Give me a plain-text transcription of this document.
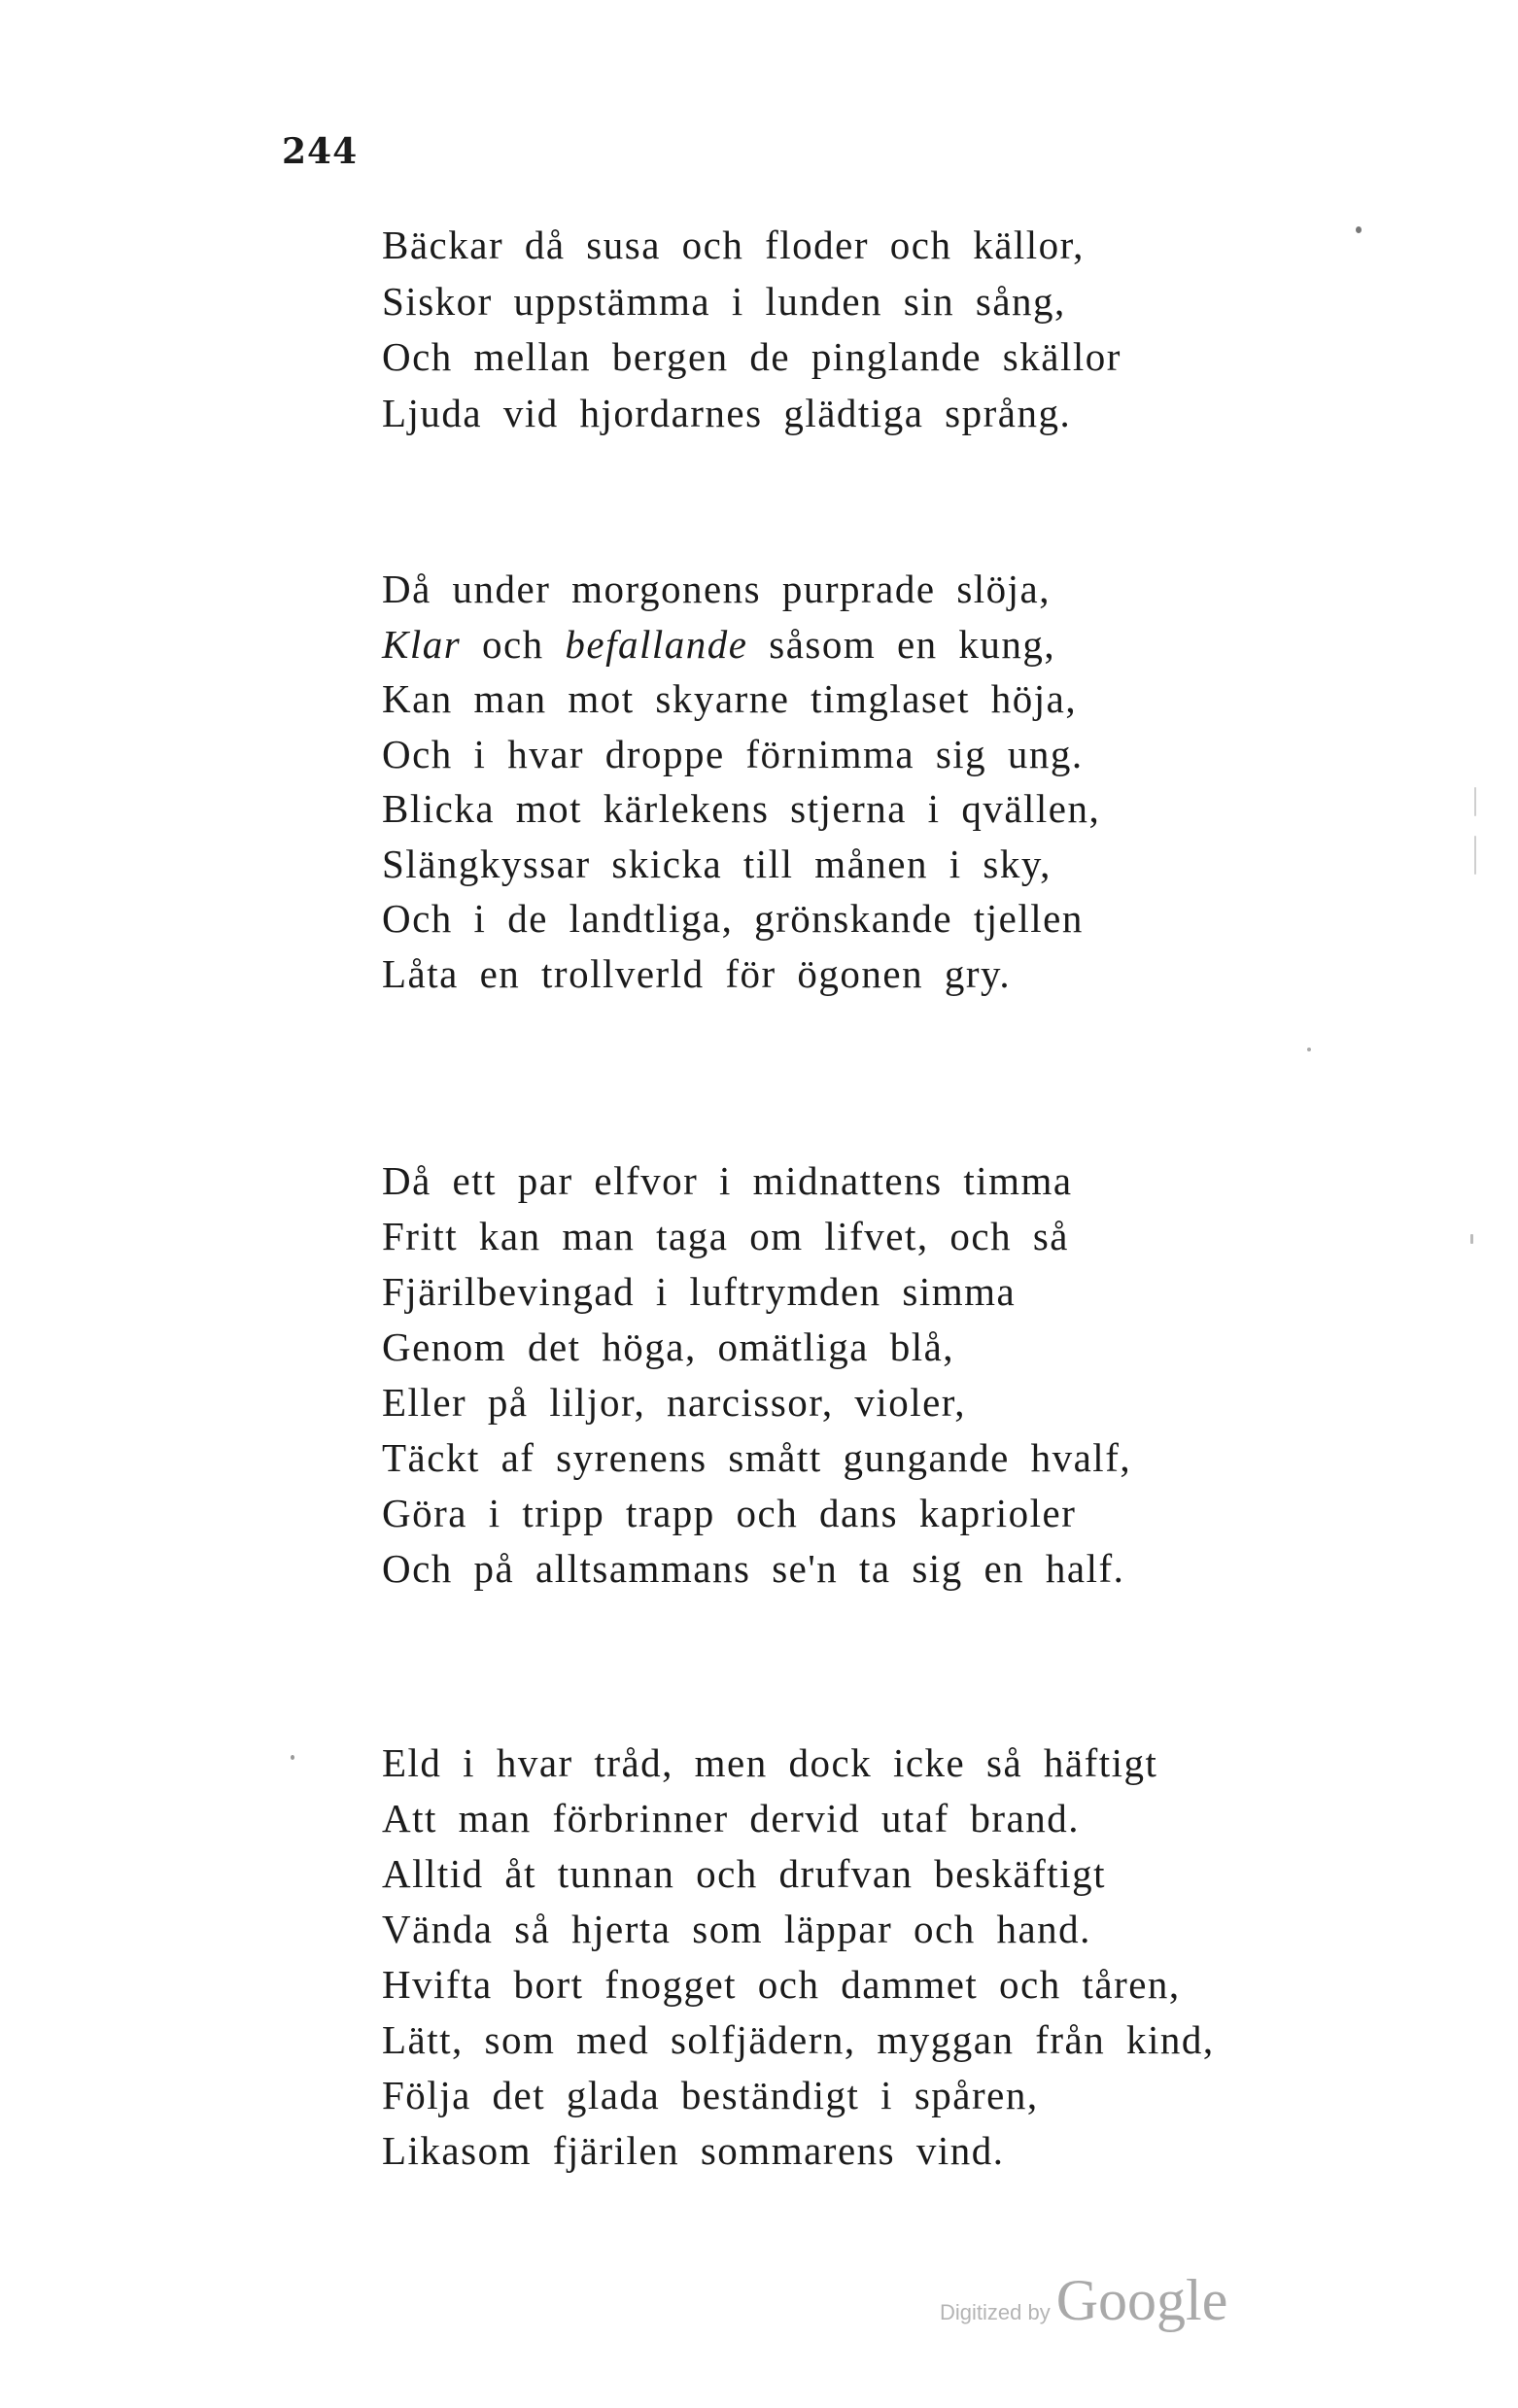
244
Bäckar då susa och floder och källor,
Siskor uppstämma i lunden sin sång,
Och mellan bergen de pinglande skällor
Ljuda vid hjordarnes glädtiga språng.
Då under morgonens purprade slöja,
Klar och befallande såsom en kung,
Kan man mot skyarne timglaset höja,
Och i hvar droppe förnimma sig ung.
Blicka mot kärlekens stjerna i qvällen,
Slängkyssar skicka till månen i sky,
Och i de landtliga, grönskande tjellen
Låta en trollverld för ögonen gry.
Då ett par elfvor i midnattens timma
Fritt kan man taga om lifvet, och så
Fjärilbevingad i luftrymden simma
Genom det höga, omätliga blå,
Eller på liljor, narcissor, violer,
Täckt af syrenens smått gungande hvalf,
Göra i tripp trapp och dans kaprioler
Och på alltsammans se'n ta sig en half.
Eld i hvar tråd, men dock icke så häftigt
Att man förbrinner dervid utaf brand.
Alltid åt tunnan och drufvan beskäftigt
Vända så hjerta som läppar och hand.
Hvifta bort fnogget och dammet och tåren,
Lätt, som med solfjädern, myggan från kind,
Följa det glada beständigt i spåren,
Likasom fjärilen sommarens vind.
Digitized by Google
